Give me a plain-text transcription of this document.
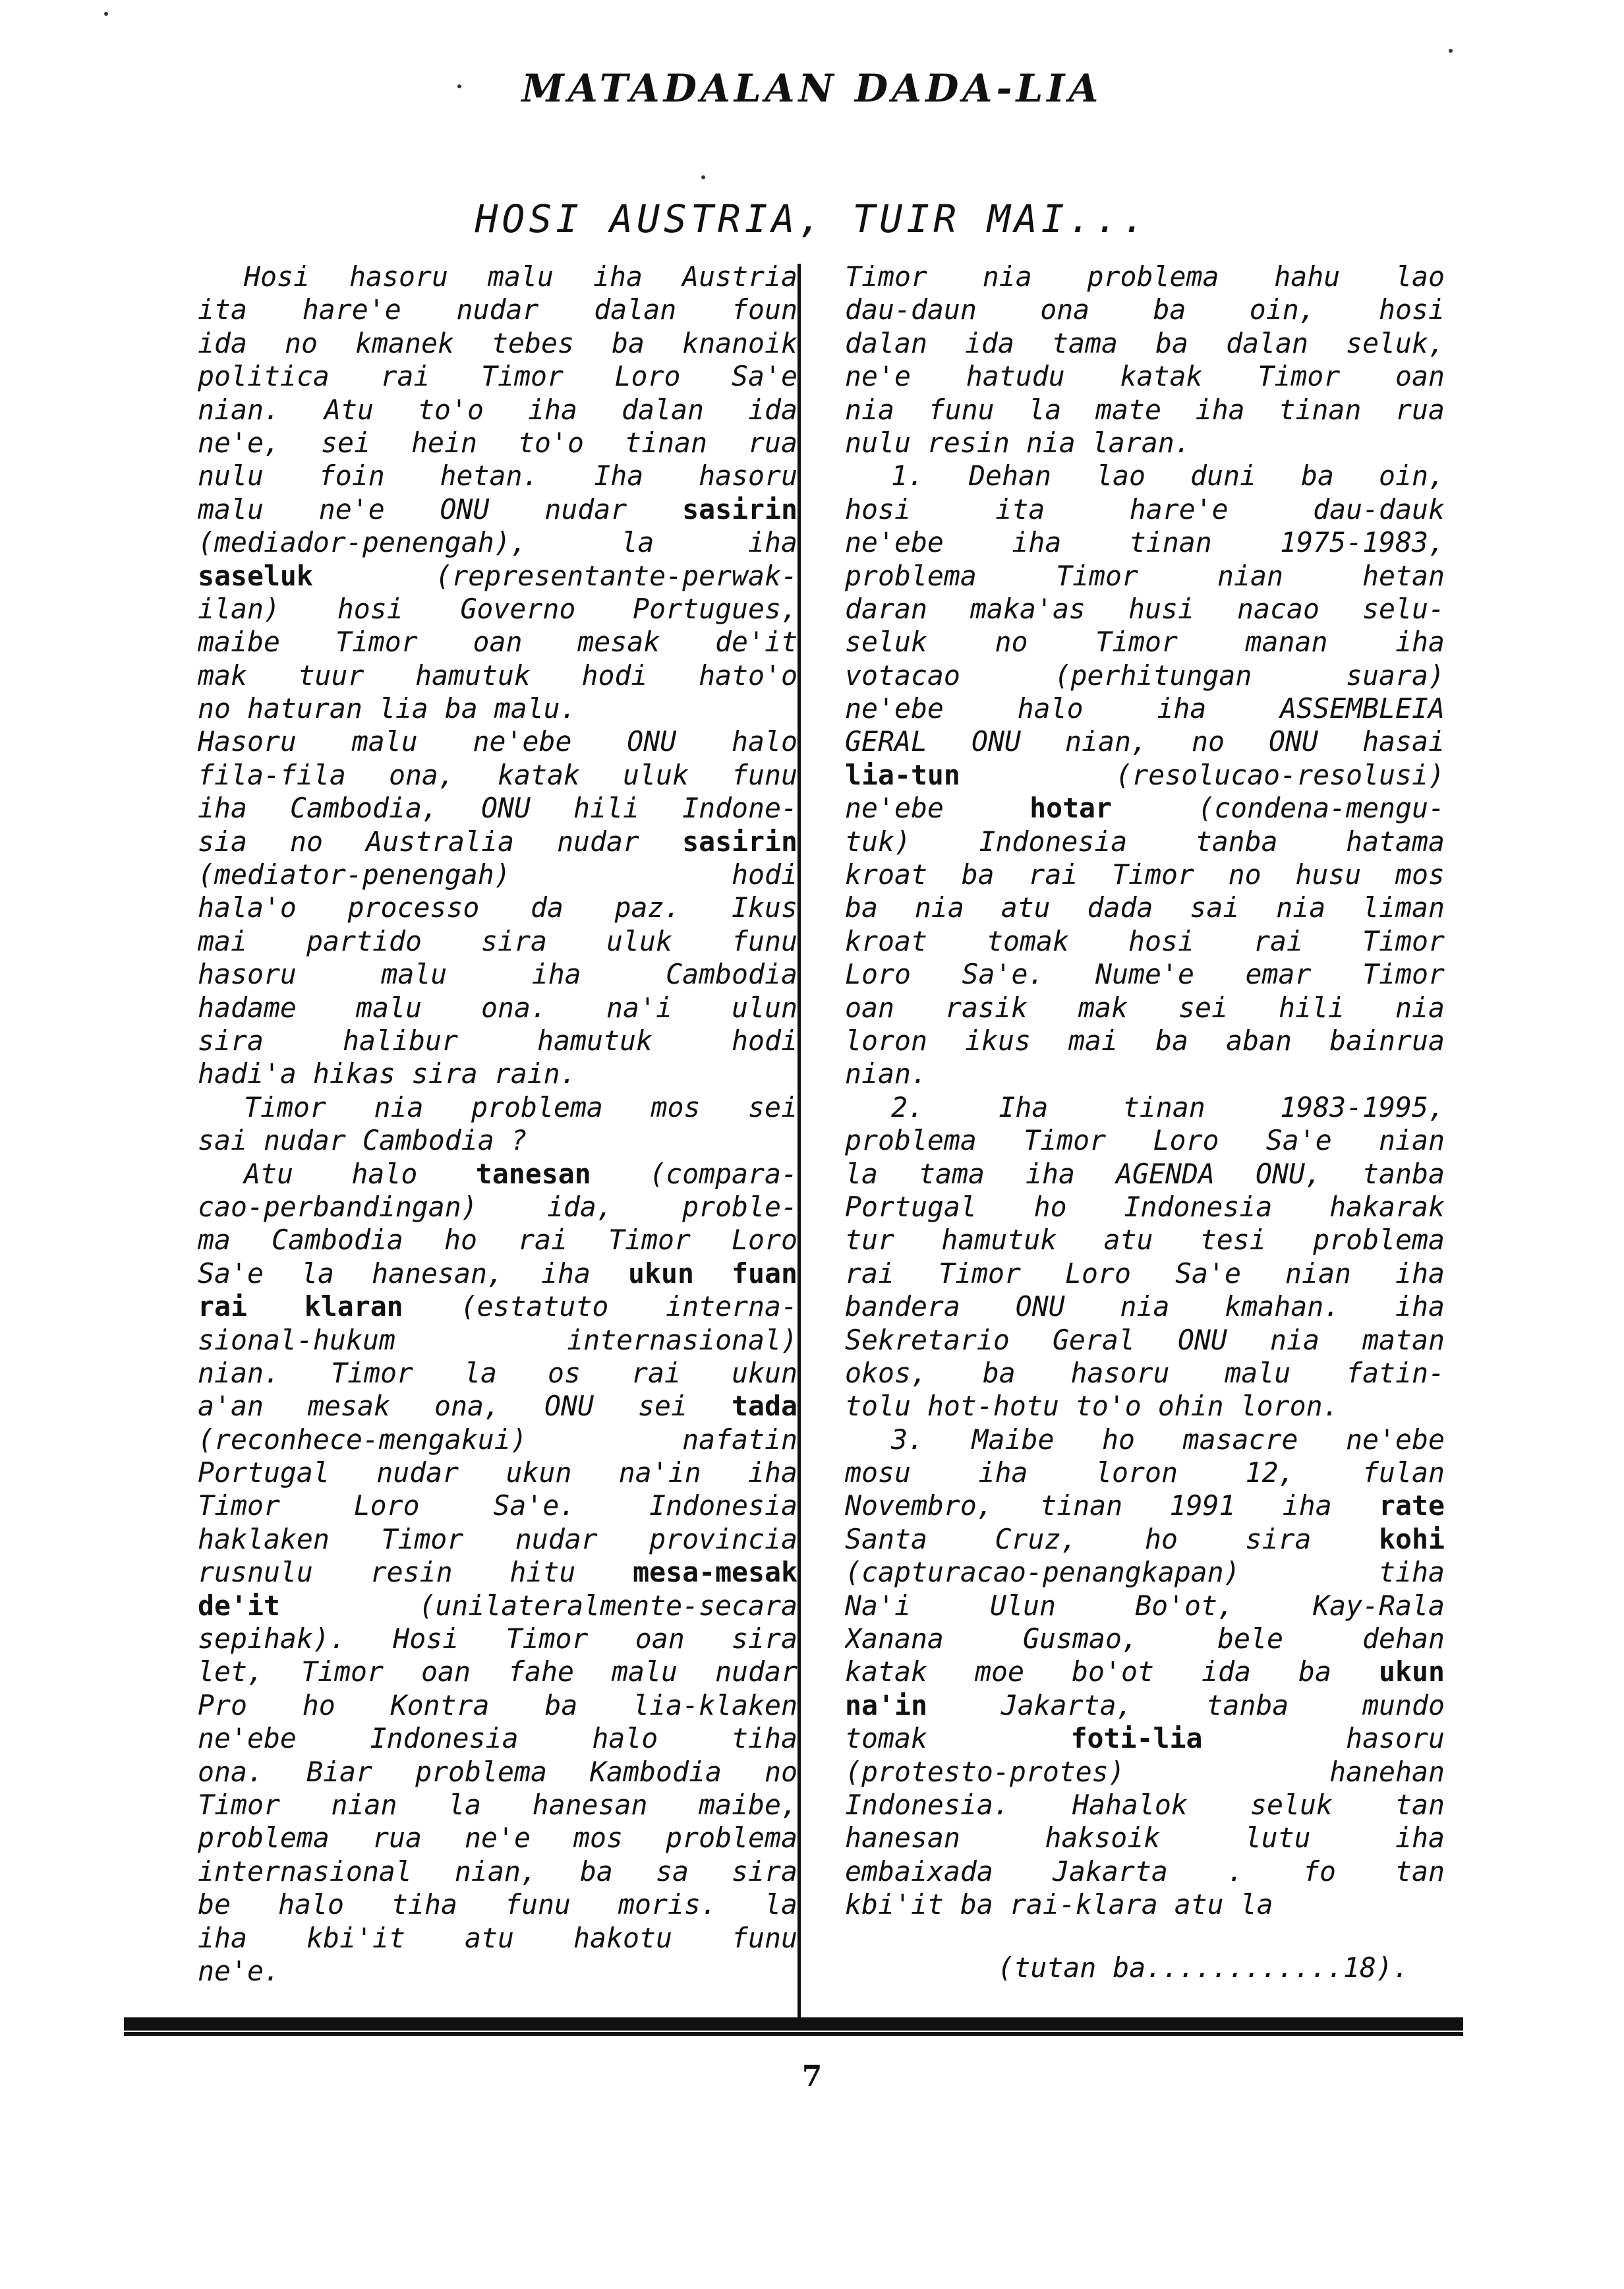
MATADALAN DADA-LIA
HOSI AUSTRIA, TUIR MAI...
Hosi hasoru malu iha Austria
ita hare'e nudar dalan foun
ida no kmanek tebes ba knanoik
politica rai Timor Loro Sa'e
nian. Atu to'o iha dalan ida
ne'e, sei hein to'o tinan rua
nulu foin hetan. Iha hasoru
malu ne'e ONU nudar sasirin
(mediador-penengah), la iha
saseluk (representante-perwak-
ilan) hosi Governo Portugues,
maibe Timor oan mesak de'it
mak tuur hamutuk hodi hato'o
no haturan lia ba malu.
Hasoru malu ne'ebe ONU halo
fila-fila ona, katak uluk funu
iha Cambodia, ONU hili Indone-
sia no Australia nudar sasirin
(mediator-penengah) hodi
hala'o processo da paz. Ikus
mai partido sira uluk funu
hasoru malu iha Cambodia
hadame malu ona. na'i ulun
sira halibur hamutuk hodi
hadi'a hikas sira rain.
Timor nia problema mos sei
sai nudar Cambodia ?
Atu halo tanesan (compara-
cao-perbandingan) ida, proble-
ma Cambodia ho rai Timor Loro
Sa'e la hanesan, iha ukun fuan
rai klaran (estatuto interna-
sional-hukum internasional)
nian. Timor la os rai ukun
a'an mesak ona, ONU sei tada
(reconhece-mengakui) nafatin
Portugal nudar ukun na'in iha
Timor Loro Sa'e. Indonesia
haklaken Timor nudar provincia
rusnulu resin hitu mesa-mesak
de'it (unilateralmente-secara
sepihak). Hosi Timor oan sira
let, Timor oan fahe malu nudar
Pro ho Kontra ba lia-klaken
ne'ebe Indonesia halo tiha
ona. Biar problema Kambodia no
Timor nian la hanesan maibe,
problema rua ne'e mos problema
internasional nian, ba sa sira
be halo tiha funu moris. la
iha kbi'it atu hakotu funu
ne'e.
Timor nia problema hahu lao
dau-daun ona ba oin, hosi
dalan ida tama ba dalan seluk,
ne'e hatudu katak Timor oan
nia funu la mate iha tinan rua
nulu resin nia laran.
1. Dehan lao duni ba oin,
hosi ita hare'e dau-dauk
ne'ebe iha tinan 1975-1983,
problema Timor nian hetan
daran maka'as husi nacao selu-
seluk no Timor manan iha
votacao (perhitungan suara)
ne'ebe halo iha ASSEMBLEIA
GERAL ONU nian, no ONU hasai
lia-tun (resolucao-resolusi)
ne'ebe hotar (condena-mengu-
tuk) Indonesia tanba hatama
kroat ba rai Timor no husu mos
ba nia atu dada sai nia liman
kroat tomak hosi rai Timor
Loro Sa'e. Nume'e emar Timor
oan rasik mak sei hili nia
loron ikus mai ba aban bainrua
nian.
2. Iha tinan 1983-1995,
problema Timor Loro Sa'e nian
la tama iha AGENDA ONU, tanba
Portugal ho Indonesia hakarak
tur hamutuk atu tesi problema
rai Timor Loro Sa'e nian iha
bandera ONU nia kmahan. iha
Sekretario Geral ONU nia matan
okos, ba hasoru malu fatin-
tolu hot-hotu to'o ohin loron.
3. Maibe ho masacre ne'ebe
mosu iha loron 12, fulan
Novembro, tinan 1991 iha rate
Santa Cruz, ho sira kohi
(capturacao-penangkapan) tiha
Na'i Ulun Bo'ot, Kay-Rala
Xanana Gusmao, bele dehan
katak moe bo'ot ida ba ukun
na'in Jakarta, tanba mundo
tomak foti-lia hasoru
(protesto-protes) hanehan
Indonesia. Hahalok seluk tan
hanesan haksoik lutu iha
embaixada Jakarta . fo tan
kbi'it ba rai-klara atu la
(tutan ba............18).
7
